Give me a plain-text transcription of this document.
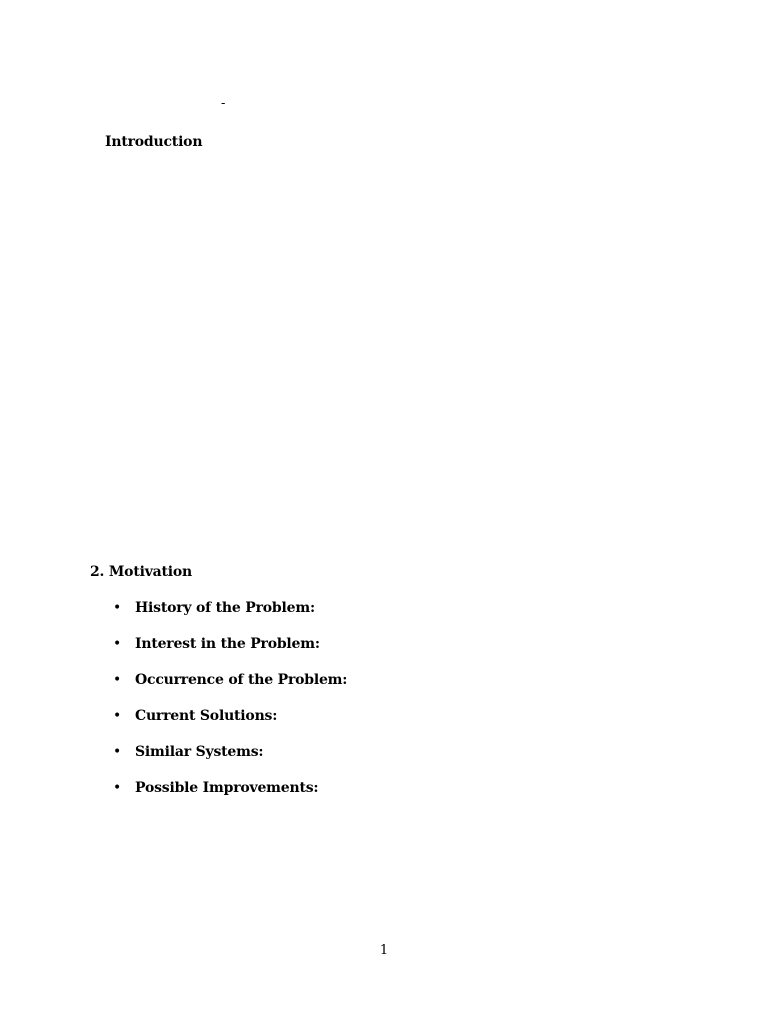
-
Introduction
2. Motivation
• History of the Problem:
• Interest in the Problem:
• Occurrence of the Problem:
• Current Solutions:
• Similar Systems:
• Possible Improvements:
1
